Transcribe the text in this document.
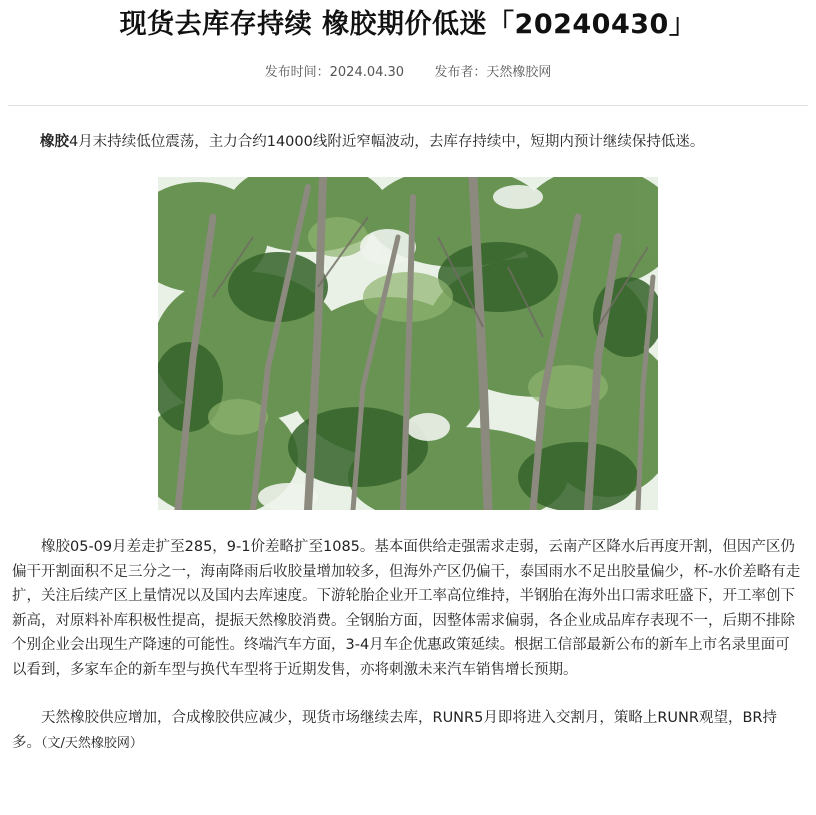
现货去库存持续 橡胶期价低迷「20240430」
发布时间：2024.04.30 发布者：天然橡胶网

橡胶4月末持续低位震荡，主力合约14000线附近窄幅波动，去库存持续中，短期内预计继续保持低迷。

橡胶05-09月差走扩至285，9-1价差略扩至1085。基本面供给走强需求走弱，云南产区降水后再度开割，但因产区仍偏干开割面积不足三分之一，海南降雨后收胶量增加较多，但海外产区仍偏干，泰国雨水不足出胶量偏少，杯-水价差略有走扩，关注后续产区上量情况以及国内去库速度。下游轮胎企业开工率高位维持，半钢胎在海外出口需求旺盛下，开工率创下新高，对原料补库积极性提高，提振天然橡胶消费。全钢胎方面，因整体需求偏弱，各企业成品库存表现不一，后期不排除个别企业会出现生产降速的可能性。终端汽车方面，3-4月车企优惠政策延续。根据工信部最新公布的新车上市名录里面可以看到，多家车企的新车型与换代车型将于近期发售，亦将刺激未来汽车销售增长预期。

天然橡胶供应增加，合成橡胶供应减少，现货市场继续去库，RUNR5月即将进入交割月，策略上RUNR观望，BR持多。（文/天然橡胶网）
